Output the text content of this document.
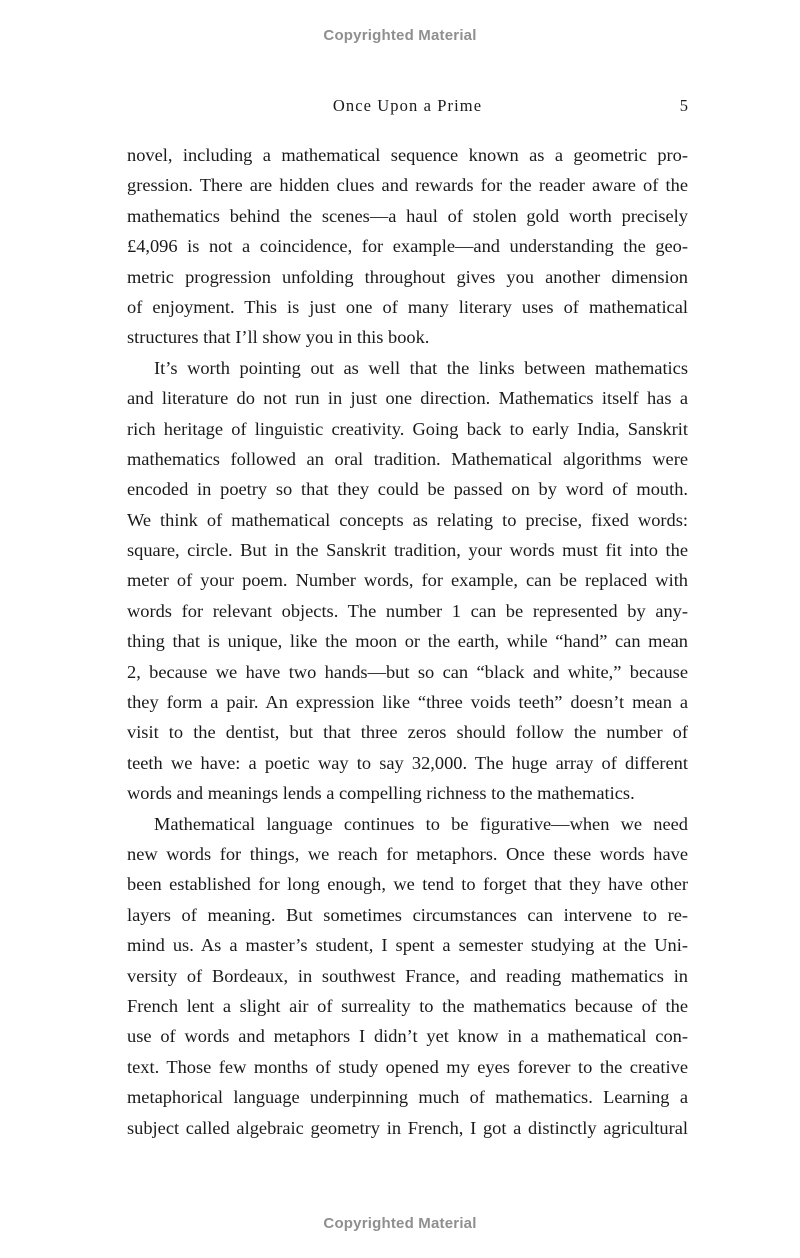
Copyrighted Material
Once Upon a Prime	5
novel, including a mathematical sequence known as a geometric pro-
gression. There are hidden clues and rewards for the reader aware of the
mathematics behind the scenes—a haul of stolen gold worth precisely
£4,096 is not a coincidence, for example—and understanding the geo-
metric progression unfolding throughout gives you another dimension
of enjoyment. This is just one of many literary uses of mathematical
structures that I’ll show you in this book.
It’s worth pointing out as well that the links between mathematics
and literature do not run in just one direction. Mathematics itself has a
rich heritage of linguistic creativity. Going back to early India, Sanskrit
mathematics followed an oral tradition. Mathematical algorithms were
encoded in poetry so that they could be passed on by word of mouth.
We think of mathematical concepts as relating to precise, fixed words:
square, circle. But in the Sanskrit tradition, your words must fit into the
meter of your poem. Number words, for example, can be replaced with
words for relevant objects. The number 1 can be represented by any-
thing that is unique, like the moon or the earth, while “hand” can mean
2, because we have two hands—but so can “black and white,” because
they form a pair. An expression like “three voids teeth” doesn’t mean a
visit to the dentist, but that three zeros should follow the number of
teeth we have: a poetic way to say 32,000. The huge array of different
words and meanings lends a compelling richness to the mathematics.
Mathematical language continues to be figurative—when we need
new words for things, we reach for metaphors. Once these words have
been established for long enough, we tend to forget that they have other
layers of meaning. But sometimes circumstances can intervene to re-
mind us. As a master’s student, I spent a semester studying at the Uni-
versity of Bordeaux, in southwest France, and reading mathematics in
French lent a slight air of surreality to the mathematics because of the
use of words and metaphors I didn’t yet know in a mathematical con-
text. Those few months of study opened my eyes forever to the creative
metaphorical language underpinning much of mathematics. Learning a
subject called algebraic geometry in French, I got a distinctly agricultural
Copyrighted Material
